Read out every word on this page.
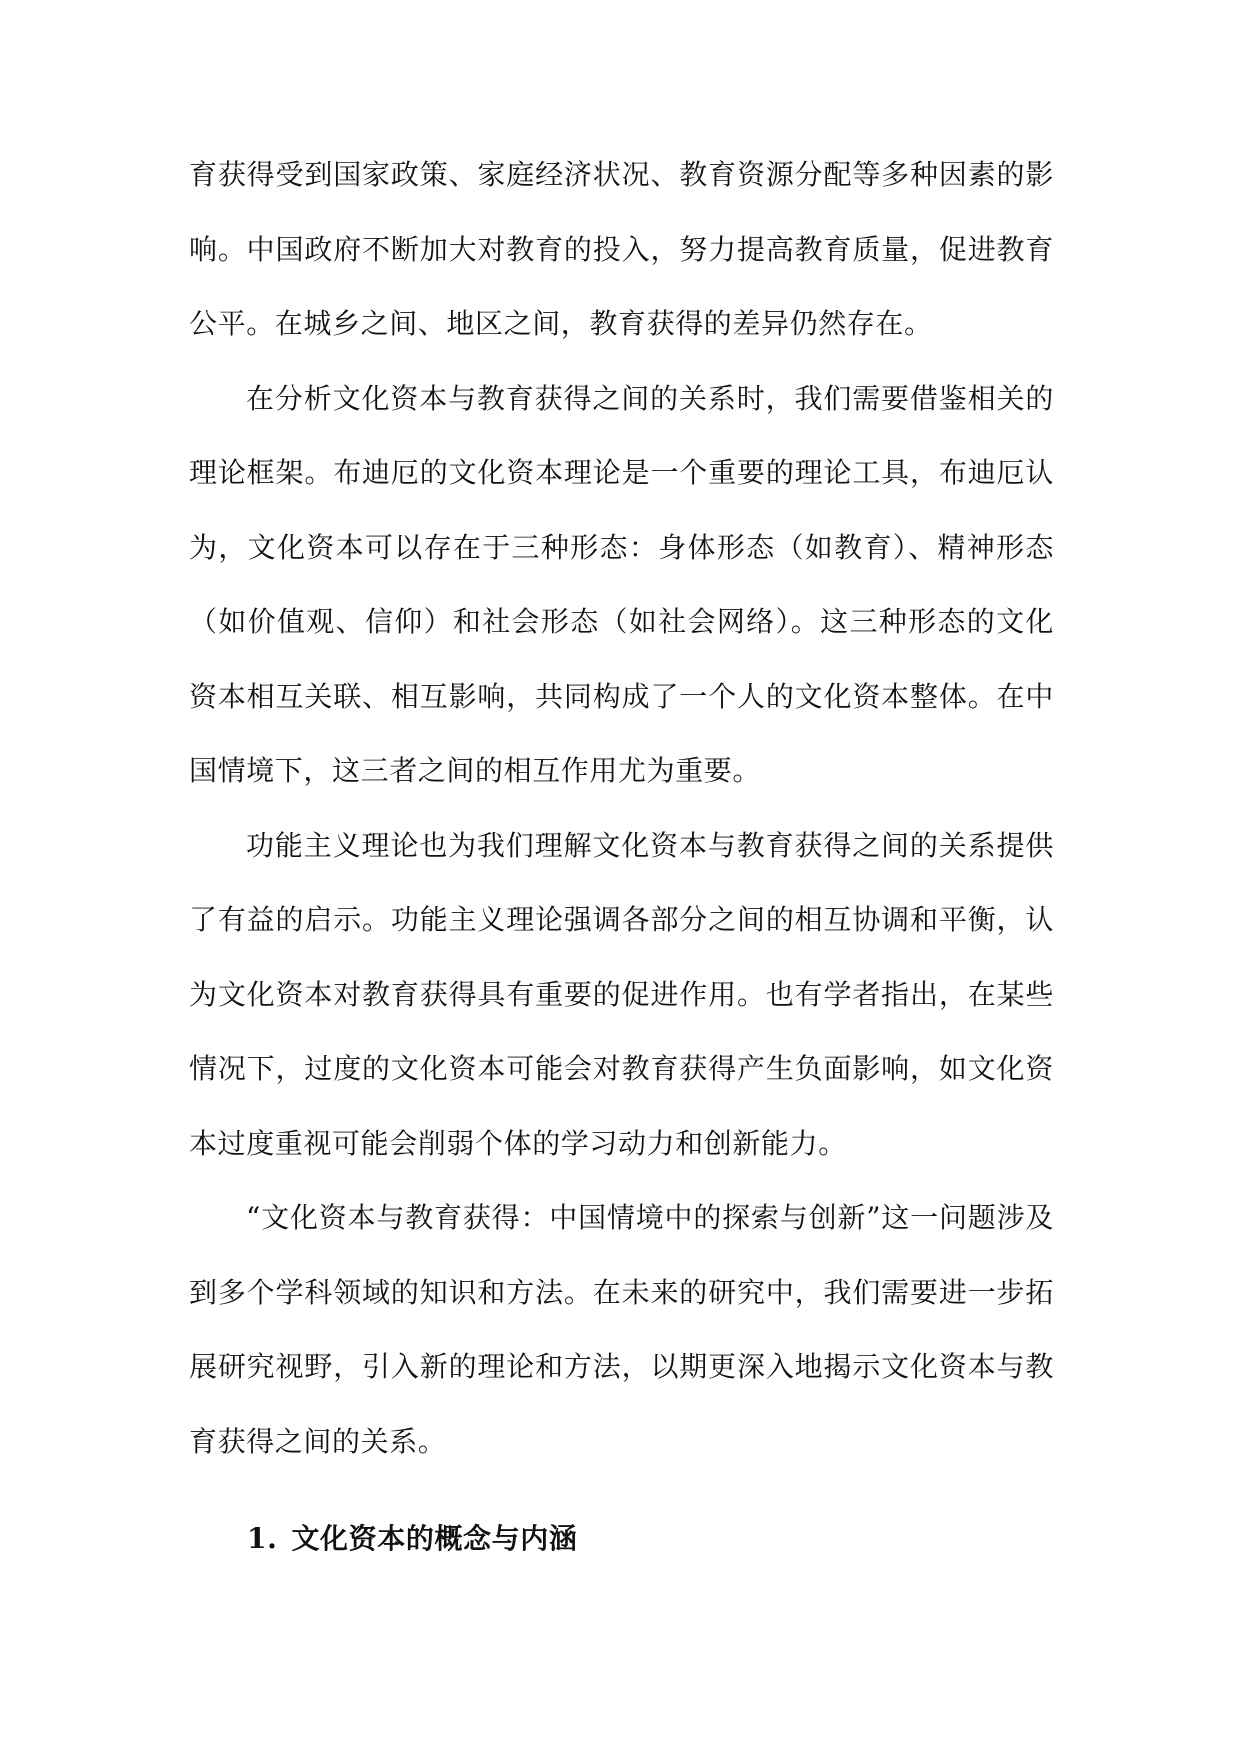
育获得受到国家政策、家庭经济状况、教育资源分配等多种因素的影响。中国政府不断加大对教育的投入，努力提高教育质量，促进教育公平。在城乡之间、地区之间，教育获得的差异仍然存在。

在分析文化资本与教育获得之间的关系时，我们需要借鉴相关的理论框架。布迪厄的文化资本理论是一个重要的理论工具，布迪厄认为，文化资本可以存在于三种形态：身体形态（如教育）、精神形态（如价值观、信仰）和社会形态（如社会网络）。这三种形态的文化资本相互关联、相互影响，共同构成了一个人的文化资本整体。在中国情境下，这三者之间的相互作用尤为重要。

功能主义理论也为我们理解文化资本与教育获得之间的关系提供了有益的启示。功能主义理论强调各部分之间的相互协调和平衡，认为文化资本对教育获得具有重要的促进作用。也有学者指出，在某些情况下，过度的文化资本可能会对教育获得产生负面影响，如文化资本过度重视可能会削弱个体的学习动力和创新能力。

“文化资本与教育获得：中国情境中的探索与创新”这一问题涉及到多个学科领域的知识和方法。在未来的研究中，我们需要进一步拓展研究视野，引入新的理论和方法，以期更深入地揭示文化资本与教育获得之间的关系。

1. 文化资本的概念与内涵
